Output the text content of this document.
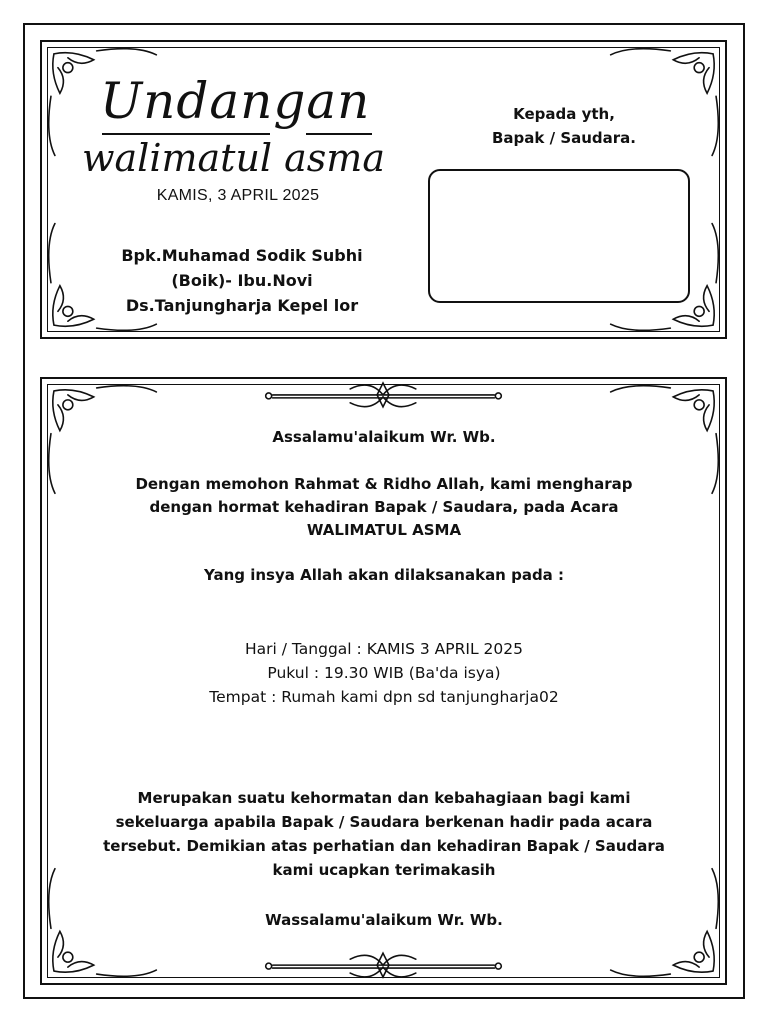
Undangan
walimatul asma
KAMIS, 3 APRIL 2025
Bpk.Muhamad Sodik Subhi
(Boik)- Ibu.Novi
Ds.Tanjungharja Kepel lor
Kepada yth,
Bapak / Saudara.
Assalamu'alaikum Wr. Wb.
Dengan memohon Rahmat & Ridho Allah, kami mengharap
dengan hormat kehadiran Bapak / Saudara, pada Acara
WALIMATUL ASMA
Yang insya Allah akan dilaksanakan pada :
Hari / Tanggal : KAMIS 3 APRIL 2025
Pukul : 19.30 WIB (Ba'da isya)
Tempat : Rumah kami dpn sd tanjungharja02
Merupakan suatu kehormatan dan kebahagiaan bagi kami
sekeluarga apabila Bapak / Saudara berkenan hadir pada acara
tersebut. Demikian atas perhatian dan kehadiran Bapak / Saudara
kami ucapkan terimakasih
Wassalamu'alaikum Wr. Wb.
